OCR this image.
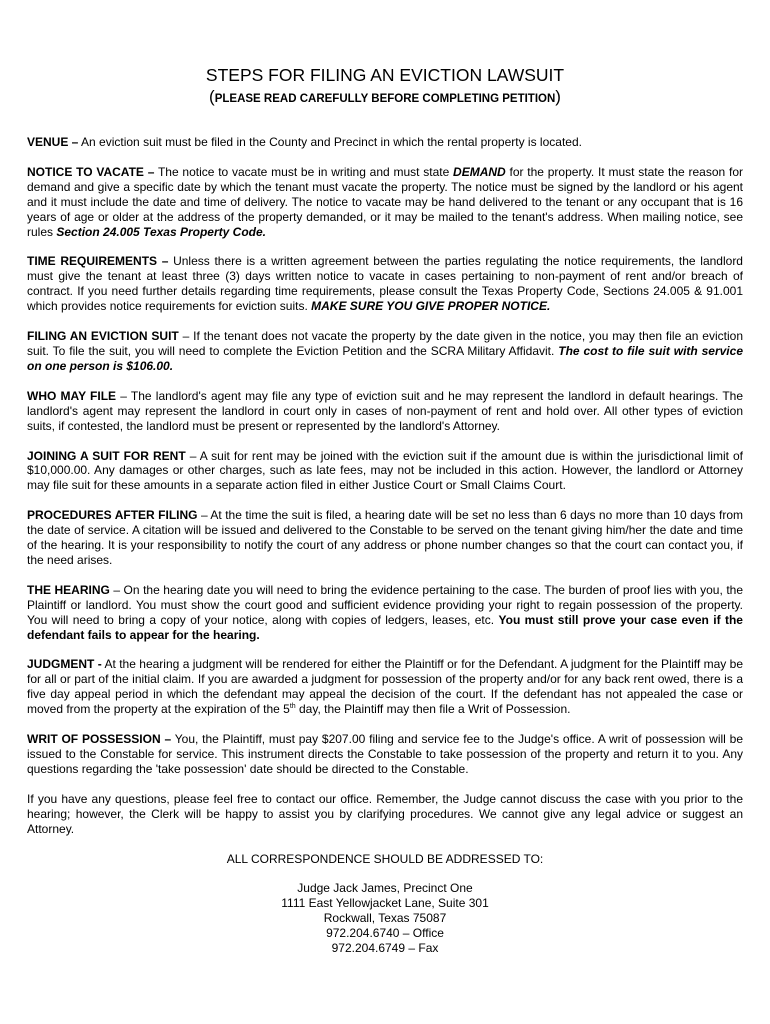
STEPS FOR FILING AN EVICTION LAWSUIT
(PLEASE READ CAREFULLY BEFORE COMPLETING PETITION)

VENUE – An eviction suit must be filed in the County and Precinct in which the rental property is located.

NOTICE TO VACATE – The notice to vacate must be in writing and must state DEMAND for the property. It must state the reason for demand and give a specific date by which the tenant must vacate the property. The notice must be signed by the landlord or his agent and it must include the date and time of delivery. The notice to vacate may be hand delivered to the tenant or any occupant that is 16 years of age or older at the address of the property demanded, or it may be mailed to the tenant's address. When mailing notice, see rules Section 24.005 Texas Property Code.

TIME REQUIREMENTS – Unless there is a written agreement between the parties regulating the notice requirements, the landlord must give the tenant at least three (3) days written notice to vacate in cases pertaining to non-payment of rent and/or breach of contract. If you need further details regarding time requirements, please consult the Texas Property Code, Sections 24.005 & 91.001 which provides notice requirements for eviction suits. MAKE SURE YOU GIVE PROPER NOTICE.

FILING AN EVICTION SUIT – If the tenant does not vacate the property by the date given in the notice, you may then file an eviction suit. To file the suit, you will need to complete the Eviction Petition and the SCRA Military Affidavit. The cost to file suit with service on one person is $106.00.

WHO MAY FILE – The landlord's agent may file any type of eviction suit and he may represent the landlord in default hearings. The landlord's agent may represent the landlord in court only in cases of non-payment of rent and hold over. All other types of eviction suits, if contested, the landlord must be present or represented by the landlord's Attorney.

JOINING A SUIT FOR RENT – A suit for rent may be joined with the eviction suit if the amount due is within the jurisdictional limit of $10,000.00. Any damages or other charges, such as late fees, may not be included in this action. However, the landlord or Attorney may file suit for these amounts in a separate action filed in either Justice Court or Small Claims Court.

PROCEDURES AFTER FILING – At the time the suit is filed, a hearing date will be set no less than 6 days no more than 10 days from the date of service. A citation will be issued and delivered to the Constable to be served on the tenant giving him/her the date and time of the hearing. It is your responsibility to notify the court of any address or phone number changes so that the court can contact you, if the need arises.

THE HEARING – On the hearing date you will need to bring the evidence pertaining to the case. The burden of proof lies with you, the Plaintiff or landlord. You must show the court good and sufficient evidence providing your right to regain possession of the property. You will need to bring a copy of your notice, along with copies of ledgers, leases, etc. You must still prove your case even if the defendant fails to appear for the hearing.

JUDGMENT - At the hearing a judgment will be rendered for either the Plaintiff or for the Defendant. A judgment for the Plaintiff may be for all or part of the initial claim. If you are awarded a judgment for possession of the property and/or for any back rent owed, there is a five day appeal period in which the defendant may appeal the decision of the court. If the defendant has not appealed the case or moved from the property at the expiration of the 5th day, the Plaintiff may then file a Writ of Possession.

WRIT OF POSSESSION – You, the Plaintiff, must pay $207.00 filing and service fee to the Judge's office. A writ of possession will be issued to the Constable for service. This instrument directs the Constable to take possession of the property and return it to you. Any questions regarding the 'take possession' date should be directed to the Constable.

If you have any questions, please feel free to contact our office. Remember, the Judge cannot discuss the case with you prior to the hearing; however, the Clerk will be happy to assist you by clarifying procedures. We cannot give any legal advice or suggest an Attorney.

ALL CORRESPONDENCE SHOULD BE ADDRESSED TO:
Judge Jack James, Precinct One
1111 East Yellowjacket Lane, Suite 301
Rockwall, Texas 75087
972.204.6740 – Office
972.204.6749 – Fax
